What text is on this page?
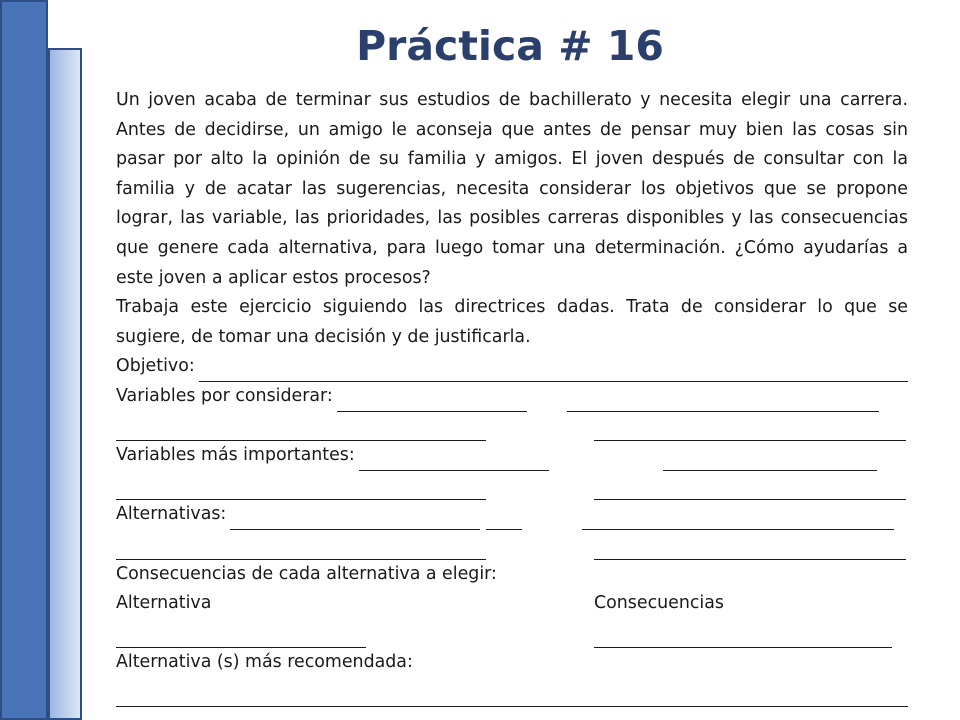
Práctica # 16

Un joven acaba de terminar sus estudios de bachillerato y necesita elegir una carrera. Antes de decidirse, un amigo le aconseja que antes de pensar muy bien las cosas sin pasar por alto la opinión de su familia y amigos. El joven después de consultar con la familia y de acatar las sugerencias, necesita considerar los objetivos que se propone lograr, las variable, las prioridades, las posibles carreras disponibles y las consecuencias que genere cada alternativa, para luego tomar una determinación. ¿Cómo ayudarías a este joven a aplicar estos procesos?

Trabaja este ejercicio siguiendo las directrices dadas. Trata de considerar lo que se sugiere, de tomar una decisión y de justificarla.

Objetivo:
Variables por considerar:
Variables más importantes:
Alternativas:
Consecuencias de cada alternativa a elegir:
Alternativa	Consecuencias
Alternativa (s) más recomendada:
